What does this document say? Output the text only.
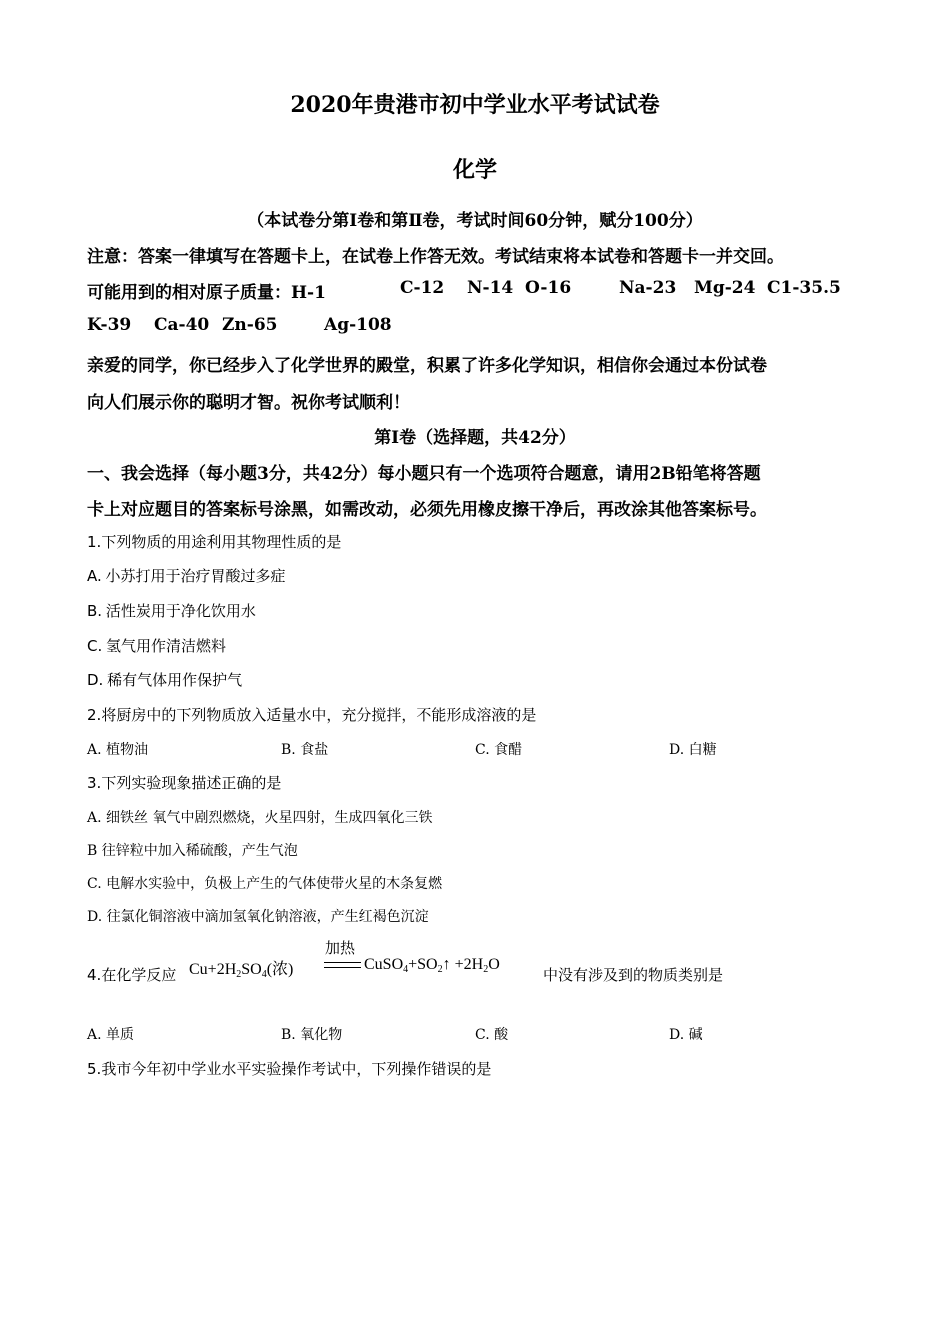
2020年贵港市初中学业水平考试试卷
化学
（本试卷分第Ⅰ卷和第Ⅱ卷，考试时间60分钟，赋分100分）
注意：答案一律填写在答题卡上，在试卷上作答无效。考试结束将本试卷和答题卡一并交回。
可能用到的相对原子质量：H-1	C-12 N-14 O-16	Na-23 Mg-24 C1-35.5
K-39 Ca-40 Zn-65	Ag-108
亲爱的同学，你已经步入了化学世界的殿堂，积累了许多化学知识，相信你会通过本份试卷
向人们展示你的聪明才智。祝你考试顺利！
第I卷（选择题，共42分）
一、我会选择（每小题3分，共42分）每小题只有一个选项符合题意，请用2B铅笔将答题
卡上对应题目的答案标号涂黑，如需改动，必须先用橡皮擦干净后，再改涂其他答案标号。
1.下列物质的用途利用其物理性质的是
A. 小苏打用于治疗胃酸过多症
B. 活性炭用于净化饮用水
C. 氢气用作清洁燃料
D. 稀有气体用作保护气
2.将厨房中的下列物质放入适量水中，充分搅拌，不能形成溶液的是
A. 植物油	B. 食盐	C. 食醋	D. 白糖
3.下列实验现象描述正确的是
A. 细铁丝 氧气中剧烈燃烧，火星四射，生成四氧化三铁
B 往锌粒中加入稀硫酸，产生气泡
C. 电解水实验中，负极上产生的气体使带火星的木条复燃
D. 往氯化铜溶液中滴加氢氧化钠溶液，产生红褐色沉淀
4.在化学反应 $Cu+2H_2SO_4$(浓)
加热
$CuSO_4+SO_2↑ +2H_2O$
中没有涉及到的物质类别是
A. 单质	B. 氧化物	C. 酸	D. 碱
5.我市今年初中学业水平实验操作考试中，下列操作错误的是
